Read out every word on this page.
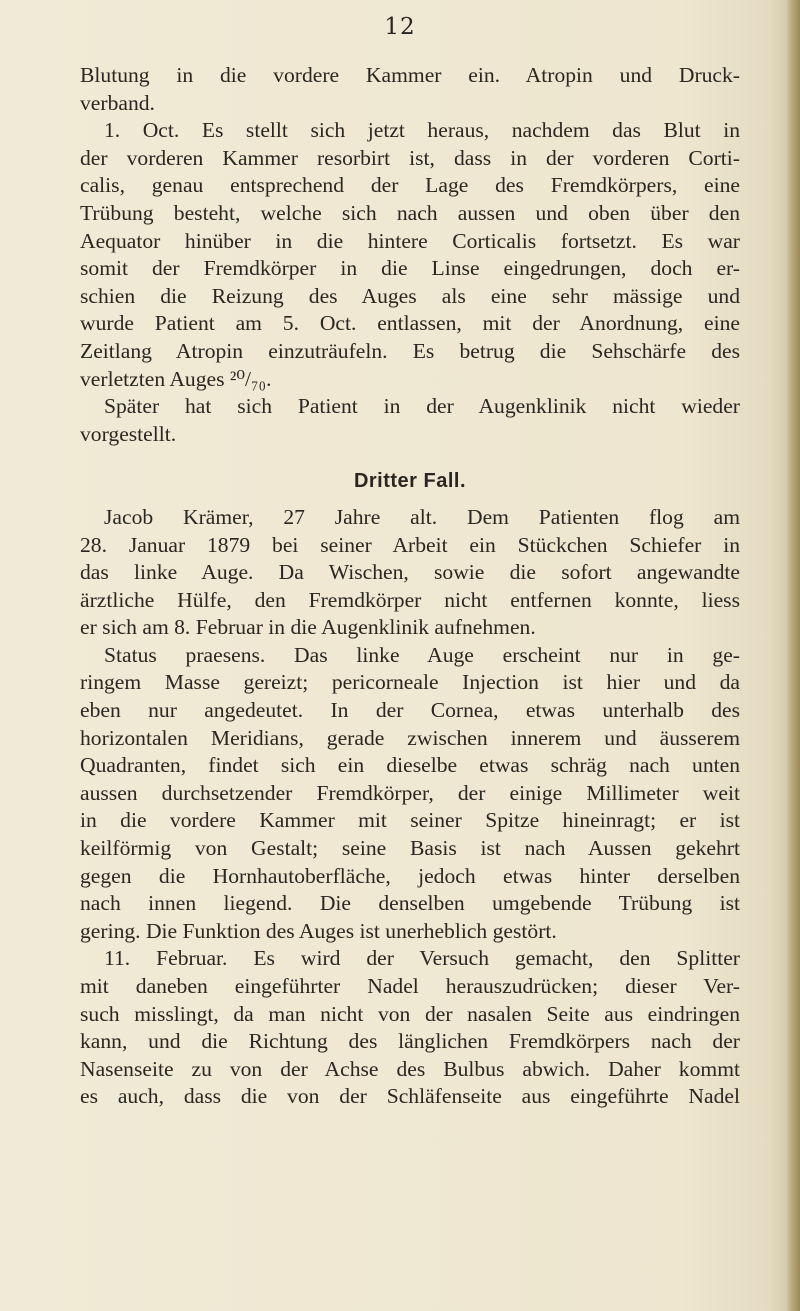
12
Blutung in die vordere Kammer ein. Atropin und Druck-
verband.
1. Oct. Es stellt sich jetzt heraus, nachdem das Blut in
der vorderen Kammer resorbirt ist, dass in der vorderen Corti-
calis, genau entsprechend der Lage des Fremdkörpers, eine
Trübung besteht, welche sich nach aussen und oben über den
Aequator hinüber in die hintere Corticalis fortsetzt. Es war
somit der Fremdkörper in die Linse eingedrungen, doch er-
schien die Reizung des Auges als eine sehr mässige und
wurde Patient am 5. Oct. entlassen, mit der Anordnung, eine
Zeitlang Atropin einzuträufeln. Es betrug die Sehschärfe des
verletzten Auges ²⁰/₇₀.
Später hat sich Patient in der Augenklinik nicht wieder
vorgestellt.
Dritter Fall.
Jacob Krämer, 27 Jahre alt. Dem Patienten flog am
28. Januar 1879 bei seiner Arbeit ein Stückchen Schiefer in
das linke Auge. Da Wischen, sowie die sofort angewandte
ärztliche Hülfe, den Fremdkörper nicht entfernen konnte, liess
er sich am 8. Februar in die Augenklinik aufnehmen.
Status praesens. Das linke Auge erscheint nur in ge-
ringem Masse gereizt; pericorneale Injection ist hier und da
eben nur angedeutet. In der Cornea, etwas unterhalb des
horizontalen Meridians, gerade zwischen innerem und äusserem
Quadranten, findet sich ein dieselbe etwas schräg nach unten
aussen durchsetzender Fremdkörper, der einige Millimeter weit
in die vordere Kammer mit seiner Spitze hineinragt; er ist
keilförmig von Gestalt; seine Basis ist nach Aussen gekehrt
gegen die Hornhautoberfläche, jedoch etwas hinter derselben
nach innen liegend. Die denselben umgebende Trübung ist
gering. Die Funktion des Auges ist unerheblich gestört.
11. Februar. Es wird der Versuch gemacht, den Splitter
mit daneben eingeführter Nadel herauszudrücken; dieser Ver-
such misslingt, da man nicht von der nasalen Seite aus eindringen
kann, und die Richtung des länglichen Fremdkörpers nach der
Nasenseite zu von der Achse des Bulbus abwich. Daher kommt
es auch, dass die von der Schläfenseite aus eingeführte Nadel
